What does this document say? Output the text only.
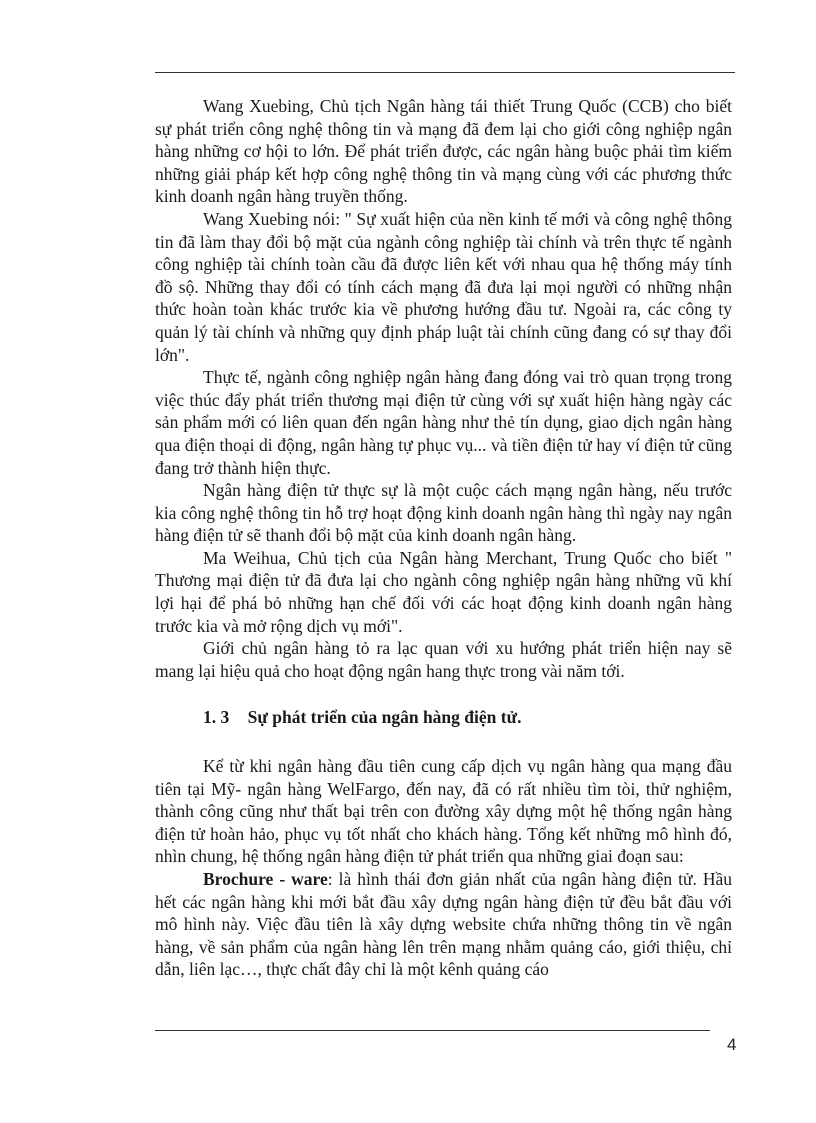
Wang Xuebing, Chủ tịch Ngân hàng tái thiết Trung Quốc (CCB) cho biết sự phát triển công nghệ thông tin và mạng đã đem lại cho giới công nghiệp ngân hàng những cơ hội to lớn. Để phát triển được, các ngân hàng buộc phải tìm kiếm những giải pháp kết hợp công nghệ thông tin và mạng cùng với các phương thức kinh doanh ngân hàng truyền thống.

Wang Xuebing nói: " Sự xuất hiện của nền kinh tế mới và công nghệ thông tin đã làm thay đổi bộ mặt của ngành công nghiệp tài chính và trên thực tế ngành công nghiệp tài chính toàn cầu đã được liên kết với nhau qua hệ thống máy tính đồ sộ. Những thay đổi có tính cách mạng đã đưa lại mọi người có những nhận thức hoàn toàn khác trước kia về phương hướng đầu tư. Ngoài ra, các công ty quản lý tài chính và những quy định pháp luật tài chính cũng đang có sự thay đổi lớn".

Thực tế, ngành công nghiệp ngân hàng đang đóng vai trò quan trọng trong việc thúc đẩy phát triển thương mại điện tử cùng với sự xuất hiện hàng ngày các sản phẩm mới có liên quan đến ngân hàng như thẻ tín dụng, giao dịch ngân hàng qua điện thoại di động, ngân hàng tự phục vụ... và tiền điện tử hay ví điện tử cũng đang trở thành hiện thực.

Ngân hàng điện tử thực sự là một cuộc cách mạng ngân hàng, nếu trước kia công nghệ thông tin hỗ trợ hoạt động kinh doanh ngân hàng thì ngày nay ngân hàng điện tử sẽ thanh đổi bộ mặt của kinh doanh ngân hàng.

Ma Weihua, Chủ tịch của Ngân hàng Merchant, Trung Quốc cho biết " Thương mại điện tử đã đưa lại cho ngành công nghiệp ngân hàng những vũ khí lợi hại để phá bỏ những hạn chế đối với các hoạt động kinh doanh ngân hàng trước kia và mở rộng dịch vụ mới".

Giới chủ ngân hàng tỏ ra lạc quan với xu hướng phát triển hiện nay sẽ mang lại hiệu quả cho hoạt động ngân hang thực trong vài năm tới.

1. 3 Sự phát triển của ngân hàng điện tử.

Kể từ khi ngân hàng đầu tiên cung cấp dịch vụ ngân hàng qua mạng đầu tiên tại Mỹ- ngân hàng WelFargo, đến nay, đã có rất nhiều tìm tòi, thử nghiệm, thành công cũng như thất bại trên con đường xây dựng một hệ thống ngân hàng điện tử hoàn hảo, phục vụ tốt nhất cho khách hàng. Tổng kết những mô hình đó, nhìn chung, hệ thống ngân hàng điện tử phát triển qua những giai đoạn sau:

Brochure - ware: là hình thái đơn giản nhất của ngân hàng điện tử. Hầu hết các ngân hàng khi mới bắt đầu xây dựng ngân hàng điện tử đều bắt đầu với mô hình này. Việc đầu tiên là xây dựng website chứa những thông tin về ngân hàng, về sản phẩm của ngân hàng lên trên mạng nhằm quảng cáo, giới thiệu, chỉ dẫn, liên lạc…, thực chất đây chỉ là một kênh quảng cáo

4
